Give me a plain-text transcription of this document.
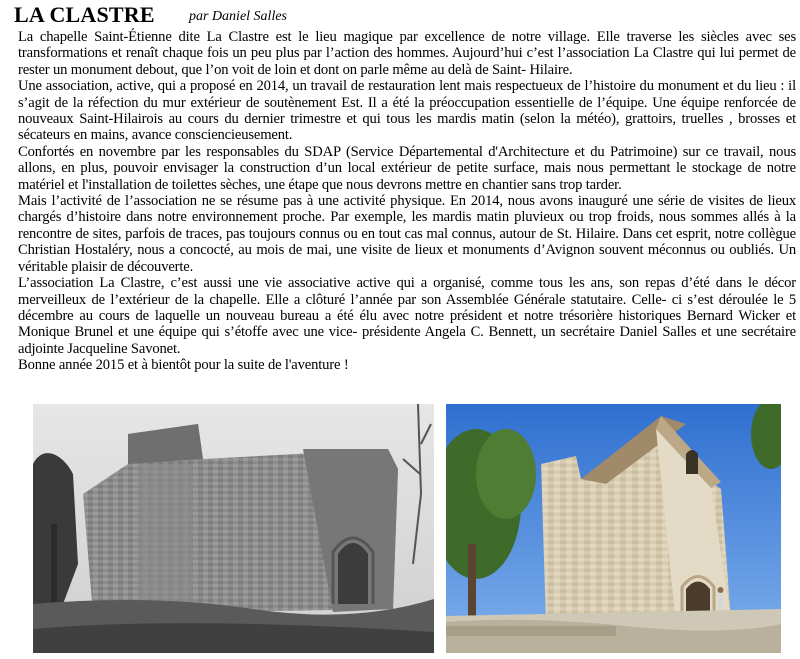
LA CLASTRE par Daniel Salles

La chapelle Saint-Étienne dite La Clastre est le lieu magique par excellence de notre village. Elle traverse les siècles avec ses transformations et renaît chaque fois un peu plus par l’action des hommes. Aujourd’hui c’est l’association La Clastre qui lui permet de rester un monument debout, que l’on voit de loin et dont on parle même au delà de Saint- Hilaire.

Une association, active, qui a proposé en 2014, un travail de restauration lent mais respectueux de l’histoire du monument et du lieu : il s’agit de la réfection du mur extérieur de soutènement Est. Il a été la préoccupation essentielle de l’équipe. Une équipe renforcée de nouveaux Saint-Hilairois au cours du dernier trimestre et qui tous les mardis matin (selon la météo), grattoirs, truelles , brosses et sécateurs en mains, avance consciencieusement.

Confortés en novembre par les responsables du SDAP (Service Départemental d'Architecture et du Patrimoine) sur ce travail, nous allons, en plus, pouvoir envisager la construction d’un local extérieur de petite surface, mais nous permettant le stockage de notre matériel et l'installation de toilettes sèches, une étape que nous devrons mettre en chantier sans trop tarder.

Mais l’activité de l’association ne se résume pas à une activité physique. En 2014, nous avons inauguré une série de visites de lieux chargés d’histoire dans notre environnement proche. Par exemple, les mardis matin pluvieux ou trop froids, nous sommes allés à la rencontre de sites, parfois de traces, pas toujours connus ou en tout cas mal connus, autour de St. Hilaire. Dans cet esprit, notre collègue Christian Hostaléry, nous a concocté, au mois de mai, une visite de lieux et monuments d’Avignon souvent méconnus ou oubliés. Un véritable plaisir de découverte.

L’association La Clastre, c’est aussi une vie associative active qui a organisé, comme tous les ans, son repas d’été dans le décor merveilleux de l’extérieur de la chapelle. Elle a clôturé l’année par son Assemblée Générale statutaire. Celle- ci s’est déroulée le 5 décembre au cours de laquelle un nouveau bureau a été élu avec notre président et notre trésorière historiques Bernard Wicker et Monique Brunel et une équipe qui s’étoffe avec une vice- présidente Angela C. Bennett, un secrétaire Daniel Salles et une secrétaire adjointe Jacqueline Savonet.

Bonne année 2015 et à bientôt pour la suite de l'aventure !
